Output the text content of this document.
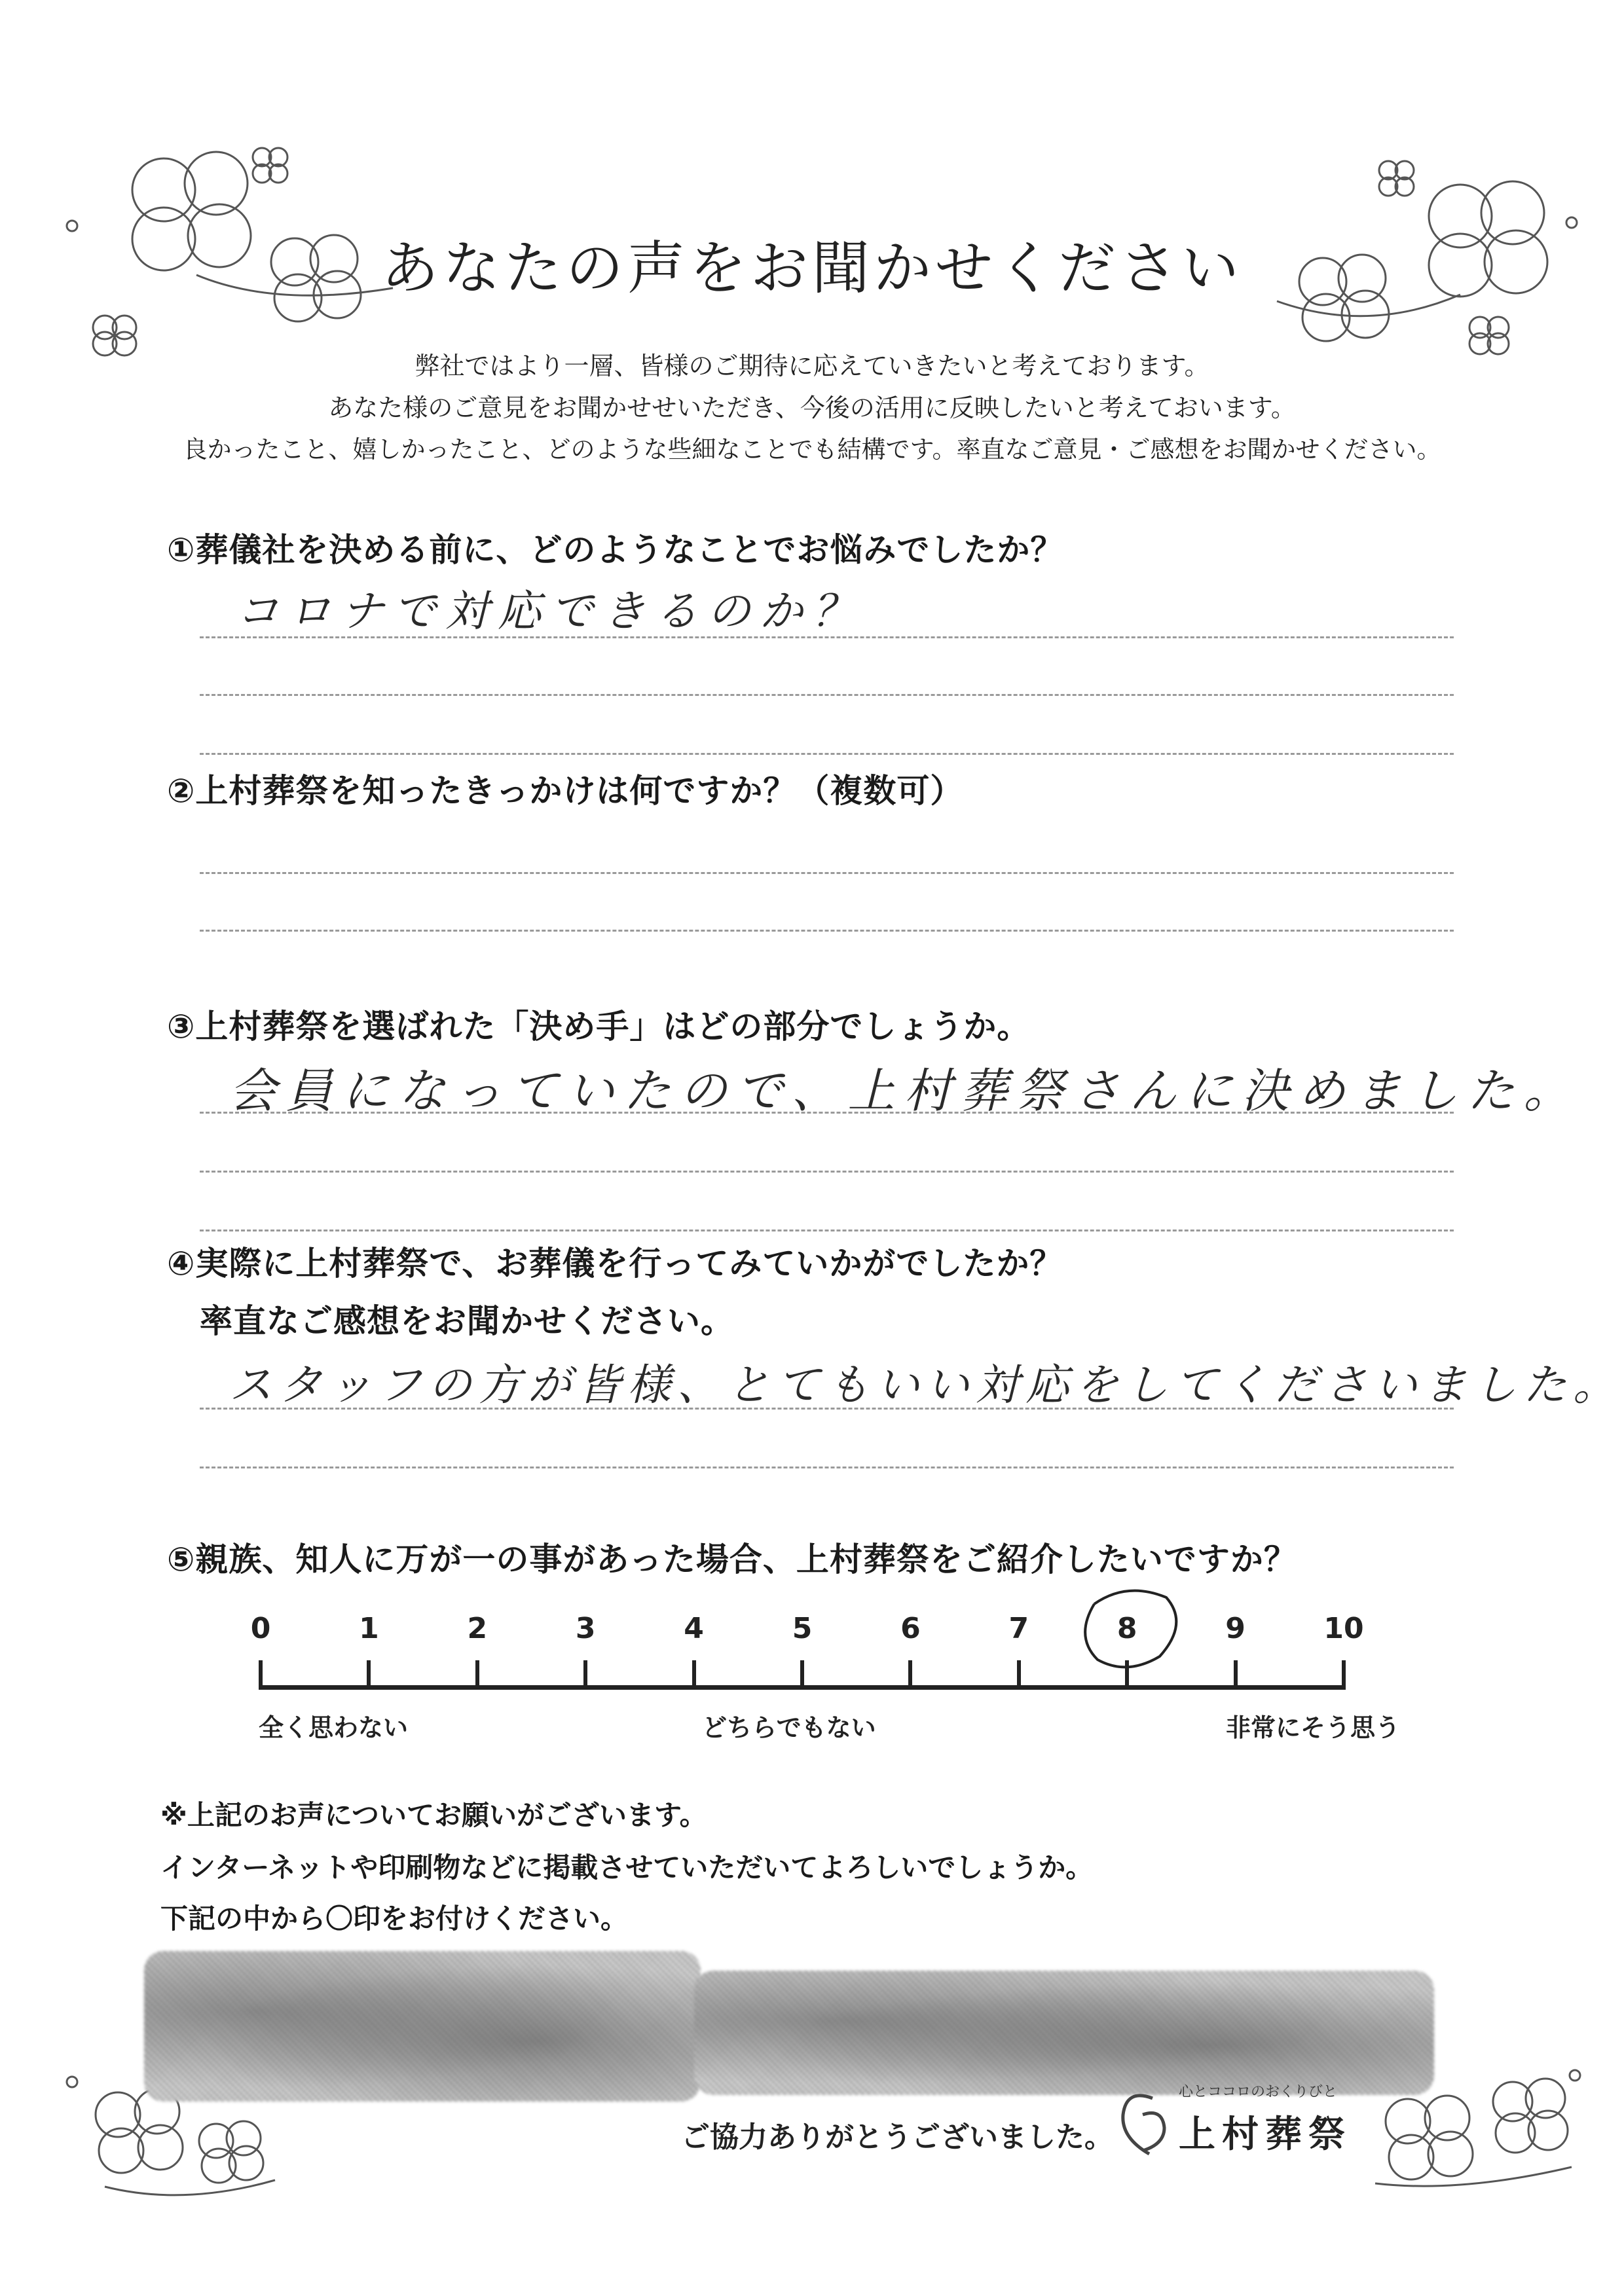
あなたの声をお聞かせください
弊社ではより一層、皆様のご期待に応えていきたいと考えております。
あなた様のご意見をお聞かせせいただき、今後の活用に反映したいと考えておいます。
良かったこと、嬉しかったこと、どのような些細なことでも結構です。率直なご意見・ご感想をお聞かせください。
①葬儀社を決める前に、どのようなことでお悩みでしたか？
コロナで対応できるのか？
②上村葬祭を知ったきっかけは何ですか？（複数可）
③上村葬祭を選ばれた「決め手」はどの部分でしょうか。
会員になっていたので、上村葬祭さんに決めました。
④実際に上村葬祭で、お葬儀を行ってみていかがでしたか？
率直なご感想をお聞かせください。
スタッフの方が皆様、とてもいい対応をしてくださいました。
⑤親族、知人に万が一の事があった場合、上村葬祭をご紹介したいですか？
0	1	2	3	4	5	6	7	8	9	10
全く思わない	どちらでもない	非常にそう思う
※上記のお声についてお願いがございます。
インターネットや印刷物などに掲載させていただいてよろしいでしょうか。
下記の中から〇印をお付けください。
ご協力ありがとうございました。
心とココロのおくりびと
上村葬祭
